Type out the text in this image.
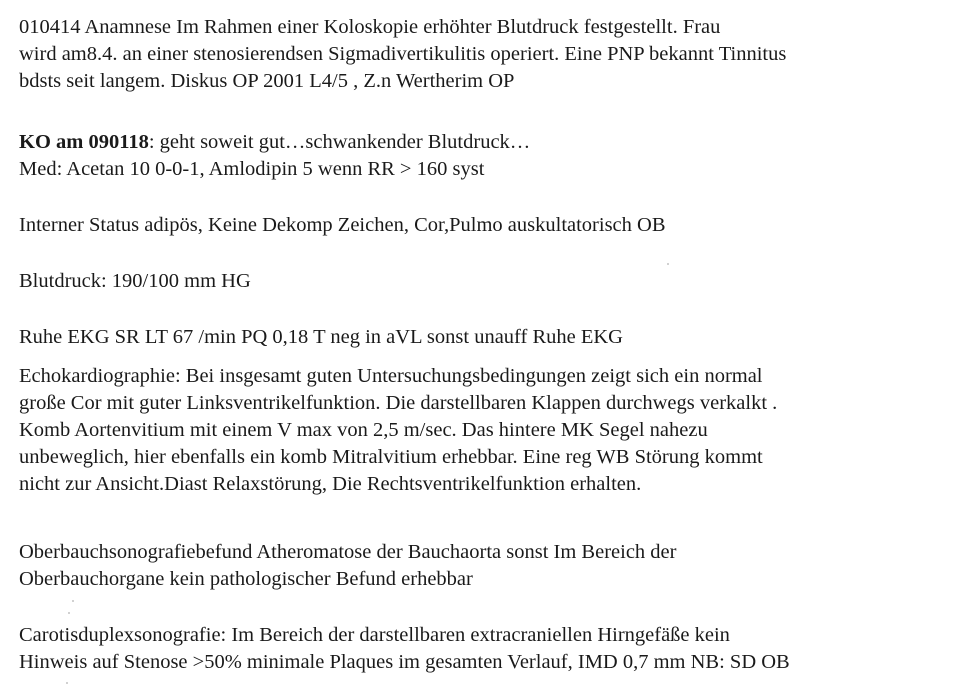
010414 Anamnese Im Rahmen einer Koloskopie erhöhter Blutdruck festgestellt. Frau
wird am8.4. an einer stenosierendsen Sigmadivertikulitis operiert. Eine PNP bekannt Tinnitus
bdsts seit langem. Diskus OP 2001 L4/5 , Z.n Wertherim OP
KO am 090118: geht soweit gut…schwankender Blutdruck…
Med: Acetan 10 0-0-1, Amlodipin 5 wenn RR > 160 syst
Interner Status adipös, Keine Dekomp Zeichen, Cor,Pulmo auskultatorisch OB
Blutdruck: 190/100 mm HG
Ruhe EKG SR LT 67 /min PQ 0,18 T neg in aVL sonst unauff Ruhe EKG
Echokardiographie: Bei insgesamt guten Untersuchungsbedingungen zeigt sich ein normal
große Cor mit guter Linksventrikelfunktion. Die darstellbaren Klappen durchwegs verkalkt .
Komb Aortenvitium mit einem V max von 2,5 m/sec. Das hintere MK Segel nahezu
unbeweglich, hier ebenfalls ein komb Mitralvitium erhebbar. Eine reg WB Störung kommt
nicht zur Ansicht.Diast Relaxstörung, Die Rechtsventrikelfunktion erhalten.
Oberbauchsonografiebefund Atheromatose der Bauchaorta sonst Im Bereich der
Oberbauchorgane kein pathologischer Befund erhebbar
Carotisduplexsonografie: Im Bereich der darstellbaren extracraniellen Hirngefäße kein
Hinweis auf Stenose >50% minimale Plaques im gesamten Verlauf, IMD 0,7 mm NB: SD OB
